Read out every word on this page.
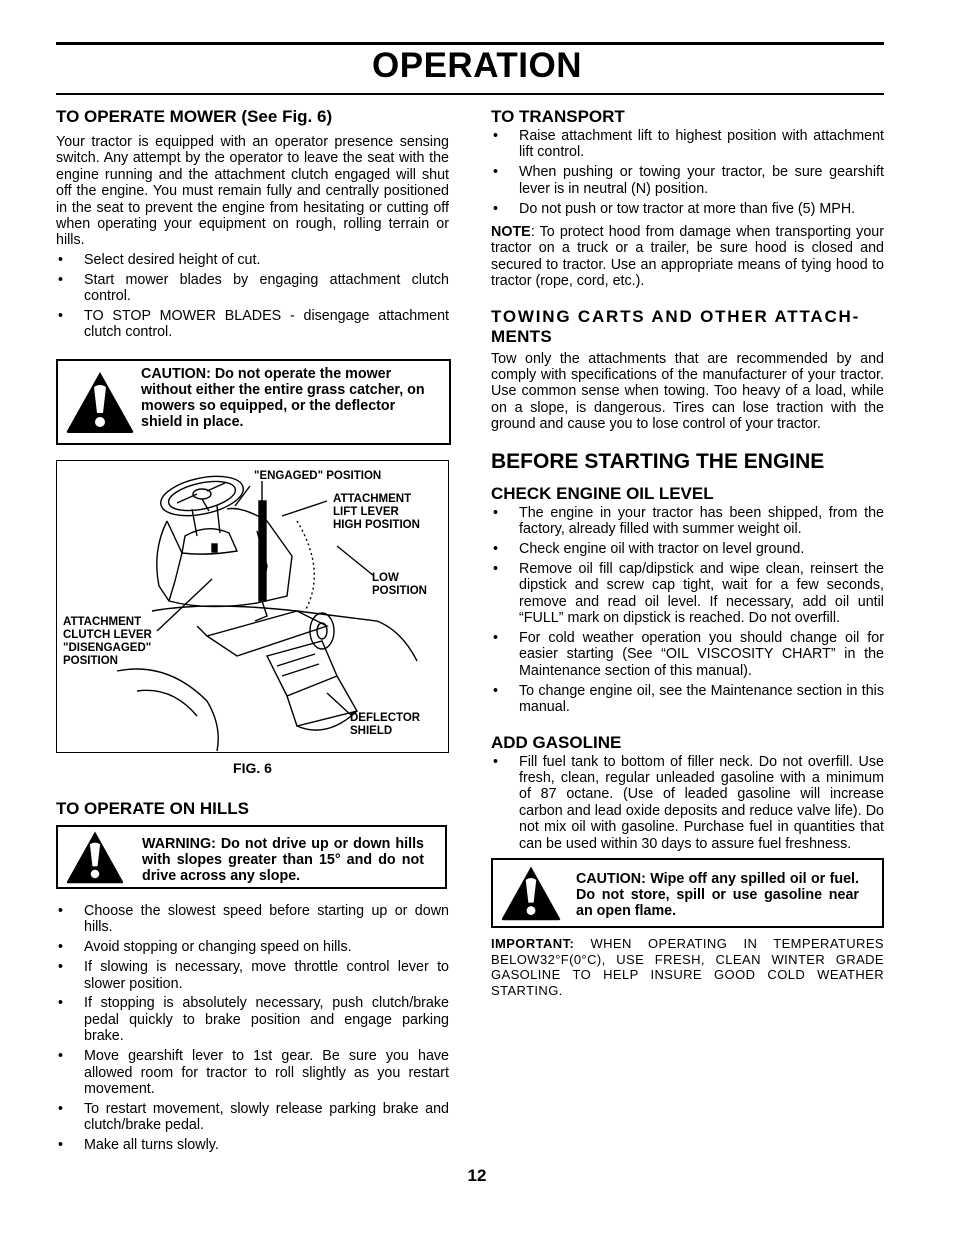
OPERATION
TO OPERATE MOWER (See Fig. 6)

Your tractor is equipped with an operator presence sensing switch. Any attempt by the operator to leave the seat with the engine running and the attachment clutch engaged will shut off the engine. You must remain fully and centrally positioned in the seat to prevent the engine from hesitating or cutting off when operating your equipment on rough, rolling terrain or hills.

• Select desired height of cut.
• Start mower blades by engaging attachment clutch control.
• TO STOP MOWER BLADES - disengage attachment clutch control.
CAUTION: Do not operate the mower without either the entire grass catcher, on mowers so equipped, or the deflector shield in place.
"ENGAGED" POSITION
ATTACHMENT
LIFT LEVER
HIGH POSITION
LOW
POSITION
ATTACHMENT
CLUTCH LEVER
"DISENGAGED"
POSITION
DEFLECTOR
SHIELD
FIG. 6
TO OPERATE ON HILLS
WARNING: Do not drive up or down hills with slopes greater than 15° and do not drive across any slope.
• Choose the slowest speed before starting up or down hills.
• Avoid stopping or changing speed on hills.
• If slowing is necessary, move throttle control lever to slower position.
• If stopping is absolutely necessary, push clutch/brake pedal quickly to brake position and engage parking brake.
• Move gearshift lever to 1st gear. Be sure you have allowed room for tractor to roll slightly as you restart movement.
• To restart movement, slowly release parking brake and clutch/brake pedal.
• Make all turns slowly.
TO TRANSPORT
• Raise attachment lift to highest position with attachment lift control.
• When pushing or towing your tractor, be sure gearshift lever is in neutral (N) position.
• Do not push or tow tractor at more than five (5) MPH.

NOTE: To protect hood from damage when transporting your tractor on a truck or a trailer, be sure hood is closed and secured to tractor. Use an appropriate means of tying hood to tractor (rope, cord, etc.).

TOWING CARTS AND OTHER ATTACH-
MENTS

Tow only the attachments that are recommended by and comply with specifications of the manufacturer of your tractor. Use common sense when towing. Too heavy of a load, while on a slope, is dangerous. Tires can lose traction with the ground and cause you to lose control of your tractor.

BEFORE STARTING THE ENGINE
CHECK ENGINE OIL LEVEL
• The engine in your tractor has been shipped, from the factory, already filled with summer weight oil.
• Check engine oil with tractor on level ground.
• Remove oil fill cap/dipstick and wipe clean, reinsert the dipstick and screw cap tight, wait for a few seconds, remove and read oil level. If necessary, add oil until “FULL” mark on dipstick is reached. Do not overfill.
• For cold weather operation you should change oil for easier starting (See “OIL VISCOSITY CHART” in the Maintenance section of this manual).
• To change engine oil, see the Maintenance section in this manual.
ADD GASOLINE
• Fill fuel tank to bottom of filler neck. Do not overfill. Use fresh, clean, regular unleaded gasoline with a minimum of 87 octane. (Use of leaded gasoline will increase carbon and lead oxide deposits and reduce valve life). Do not mix oil with gasoline. Purchase fuel in quantities that can be used within 30 days to assure fuel freshness.
CAUTION: Wipe off any spilled oil or fuel. Do not store, spill or use gasoline near an open flame.

IMPORTANT: WHEN OPERATING IN TEMPERATURES BELOW32°F(0°C), USE FRESH, CLEAN WINTER GRADE GASOLINE TO HELP INSURE GOOD COLD WEATHER STARTING.

12
